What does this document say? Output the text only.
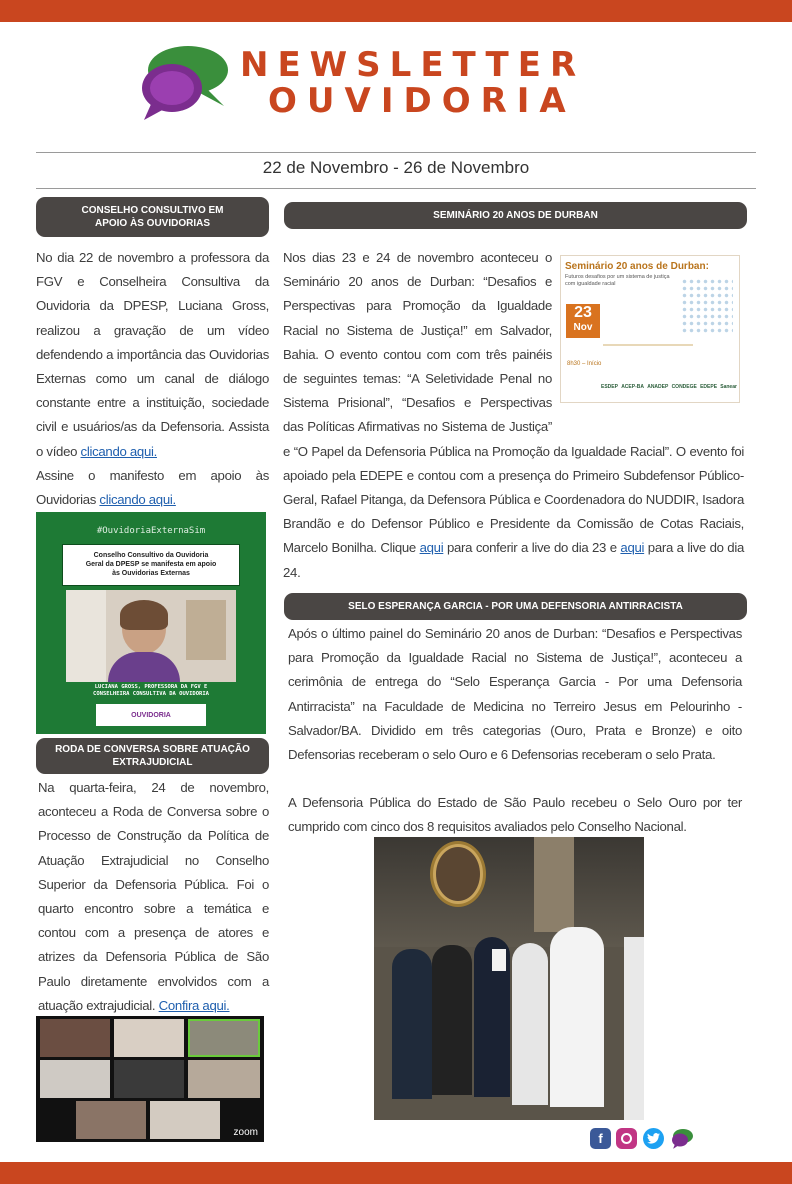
NEWSLETTER
OUVIDORIA
22 de Novembro - 26 de Novembro
CONSELHO CONSULTIVO EM
APOIO ÀS OUVIDORIAS

No dia 22 de novembro a professora da FGV e Conselheira Consultiva da Ouvidoria da DPESP, Luciana Gross, realizou a gravação de um vídeo defendendo a importância das Ouvidorias Externas como um canal de diálogo constante entre a instituição, sociedade civil e usuários/as da Defensoria. Assista o vídeo clicando aqui.

Assine o manifesto em apoio às Ouvidorias clicando aqui.

#OuvidoriaExternaSim
Conselho Consultivo da Ouvidoria
Geral da DPESP se manifesta em apoio
às Ouvidorias Externas
LUCIANA GROSS, PROFESSORA DA FGV E
CONSELHEIRA CONSULTIVA DA OUVIDORIA
OUVIDORIA
RODA DE CONVERSA SOBRE ATUAÇÃO
EXTRAJUDICIAL

Na quarta-feira, 24 de novembro, aconteceu a Roda de Conversa sobre o Processo de Construção da Política de Atuação Extrajudicial no Conselho Superior da Defensoria Pública. Foi o quarto encontro sobre a temática e contou com a presença de atores e atrizes da Defensoria Pública de São Paulo diretamente envolvidos com a atuação extrajudicial. Confira aqui.

zoom
SEMINÁRIO 20 ANOS DE DURBAN
Seminário 20 anos de Durban:
Futuros desafios por um sistema de justiça com igualdade racial
23
Nov
8h30 – Início
ESDEP ACEP-BA ANADEP CONDEGE EDEPE Sanear

Nos dias 23 e 24 de novembro aconteceu o Seminário 20 anos de Durban: “Desafios e Perspectivas para Promoção da Igualdade Racial no Sistema de Justiça!” em Salvador, Bahia. O evento contou com com três painéis de seguintes temas: “A Seletividade Penal no Sistema Prisional”, “Desafios e Perspectivas das Políticas Afirmativas no Sistema de Justiça” e “O Papel da Defensoria Pública na Promoção da Igualdade Racial”. O evento foi apoiado pela EDEPE e contou com a presença do Primeiro Subdefensor Público-Geral, Rafael Pitanga, da Defensora Pública e Coordenadora do NUDDIR, Isadora Brandão e do Defensor Público e Presidente da Comissão de Cotas Raciais, Marcelo Bonilha. Clique aqui para conferir a live do dia 23 e aqui para a live do dia 24.

SELO ESPERANÇA GARCIA - POR UMA DEFENSORIA ANTIRRACISTA

Após o último painel do Seminário 20 anos de Durban: “Desafios e Perspectivas para Promoção da Igualdade Racial no Sistema de Justiça!”, aconteceu a cerimônia de entrega do “Selo Esperança Garcia - Por uma Defensoria Antirracista” na Faculdade de Medicina no Terreiro Jesus em Pelourinho - Salvador/BA. Dividido em três categorias (Ouro, Prata e Bronze) e oito Defensorias receberam o selo Ouro e 6 Defensorias receberam o selo Prata.

A Defensoria Pública do Estado de São Paulo recebeu o Selo Ouro por ter cumprido com cinco dos 8 requisitos avaliados pelo Conselho Nacional.

f
